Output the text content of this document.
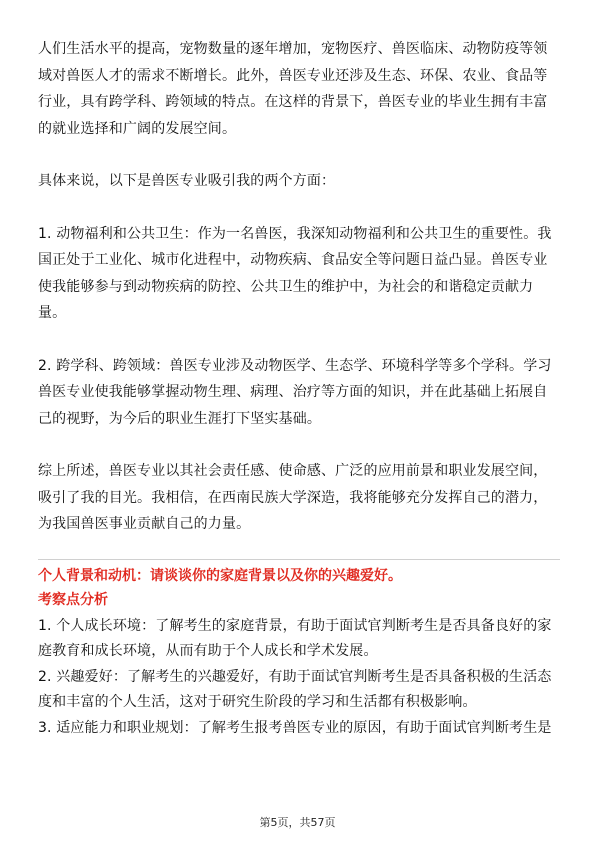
人们生活水平的提高，宠物数量的逐年增加，宠物医疗、兽医临床、动物防疫等领域对兽医人才的需求不断增长。此外，兽医专业还涉及生态、环保、农业、食品等行业，具有跨学科、跨领域的特点。在这样的背景下，兽医专业的毕业生拥有丰富的就业选择和广阔的发展空间。

具体来说，以下是兽医专业吸引我的两个方面：

1. 动物福利和公共卫生：作为一名兽医，我深知动物福利和公共卫生的重要性。我国正处于工业化、城市化进程中，动物疾病、食品安全等问题日益凸显。兽医专业使我能够参与到动物疾病的防控、公共卫生的维护中，为社会的和谐稳定贡献力量。

2. 跨学科、跨领域：兽医专业涉及动物医学、生态学、环境科学等多个学科。学习兽医专业使我能够掌握动物生理、病理、治疗等方面的知识，并在此基础上拓展自己的视野，为今后的职业生涯打下坚实基础。

综上所述，兽医专业以其社会责任感、使命感、广泛的应用前景和职业发展空间，吸引了我的目光。我相信，在西南民族大学深造，我将能够充分发挥自己的潜力，为我国兽医事业贡献自己的力量。

个人背景和动机：请谈谈你的家庭背景以及你的兴趣爱好。

考察点分析

1. 个人成长环境：了解考生的家庭背景，有助于面试官判断考生是否具备良好的家庭教育和成长环境，从而有助于个人成长和学术发展。

2. 兴趣爱好：了解考生的兴趣爱好，有助于面试官判断考生是否具备积极的生活态度和丰富的个人生活，这对于研究生阶段的学习和生活都有积极影响。

3. 适应能力和职业规划：了解考生报考兽医专业的原因，有助于面试官判断考生是

第5页，共57页
